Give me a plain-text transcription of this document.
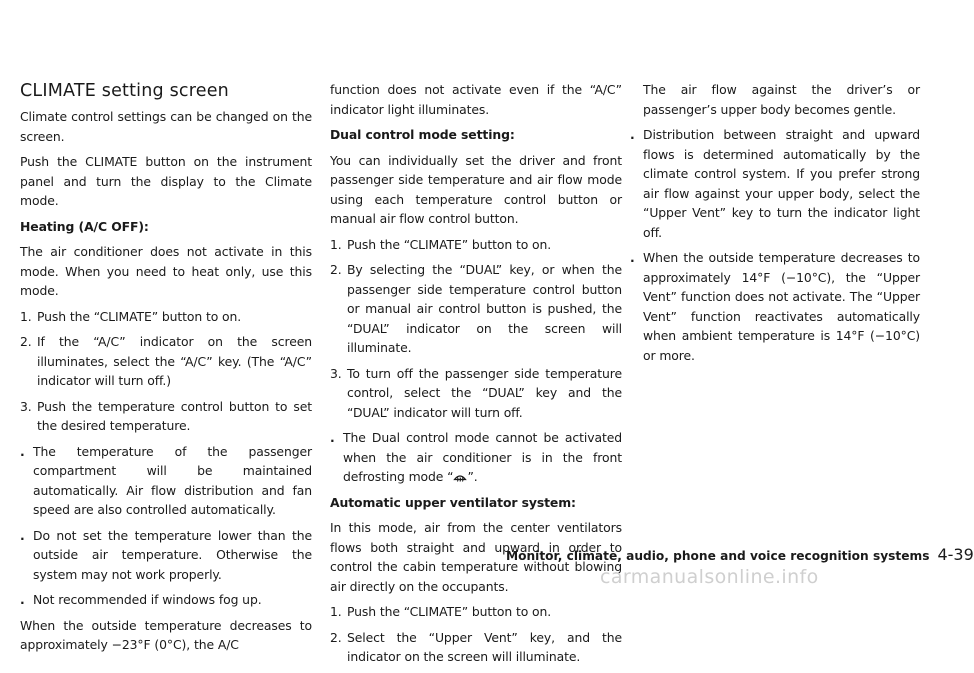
CLIMATE setting screen

Climate control settings can be changed on the screen.

Push the CLIMATE button on the instrument panel and turn the display to the Climate mode.

Heating (A/C OFF):

The air conditioner does not activate in this mode. When you need to heat only, use this mode.

1. Push the “CLIMATE” button to on.
2. If the “A/C” indicator on the screen illuminates, select the “A/C” key. (The “A/C” indicator will turn off.)
3. Push the temperature control button to set the desired temperature.
. The temperature of the passenger compartment will be maintained automatically. Air flow distribution and fan speed are also controlled automatically.
. Do not set the temperature lower than the outside air temperature. Otherwise the system may not work properly.
. Not recommended if windows fog up.

When the outside temperature decreases to approximately −23°F (0°C), the A/C

function does not activate even if the “A/C” indicator light illuminates.

Dual control mode setting:

You can individually set the driver and front passenger side temperature and air flow mode using each temperature control button or manual air flow control button.

1. Push the “CLIMATE” button to on.
2. By selecting the “DUAL” key, or when the passenger side temperature control button or manual air control button is pushed, the “DUAL” indicator on the screen will illuminate.
3. To turn off the passenger side temperature control, select the “DUAL” key and the “DUAL” indicator will turn off.
. The Dual control mode cannot be activated when the air conditioner is in the front defrosting mode “ ”.
Automatic upper ventilator system:

In this mode, air from the center ventilators flows both straight and upward in order to control the cabin temperature without blowing air directly on the occupants.

1. Push the “CLIMATE” button to on.
2. Select the “Upper Vent” key, and the indicator on the screen will illuminate.

The air flow against the driver’s or passenger’s upper body becomes gentle.

. Distribution between straight and upward flows is determined automatically by the climate control system. If you prefer strong air flow against your upper body, select the “Upper Vent” key to turn the indicator light off.
. When the outside temperature decreases to approximately 14°F (−10°C), the “Upper Vent” function does not activate. The “Upper Vent” function reactivates automatically when ambient temperature is 14°F (−10°C) or more.
Monitor, climate, audio, phone and voice recognition systems 4-39
carmanualsonline.info
